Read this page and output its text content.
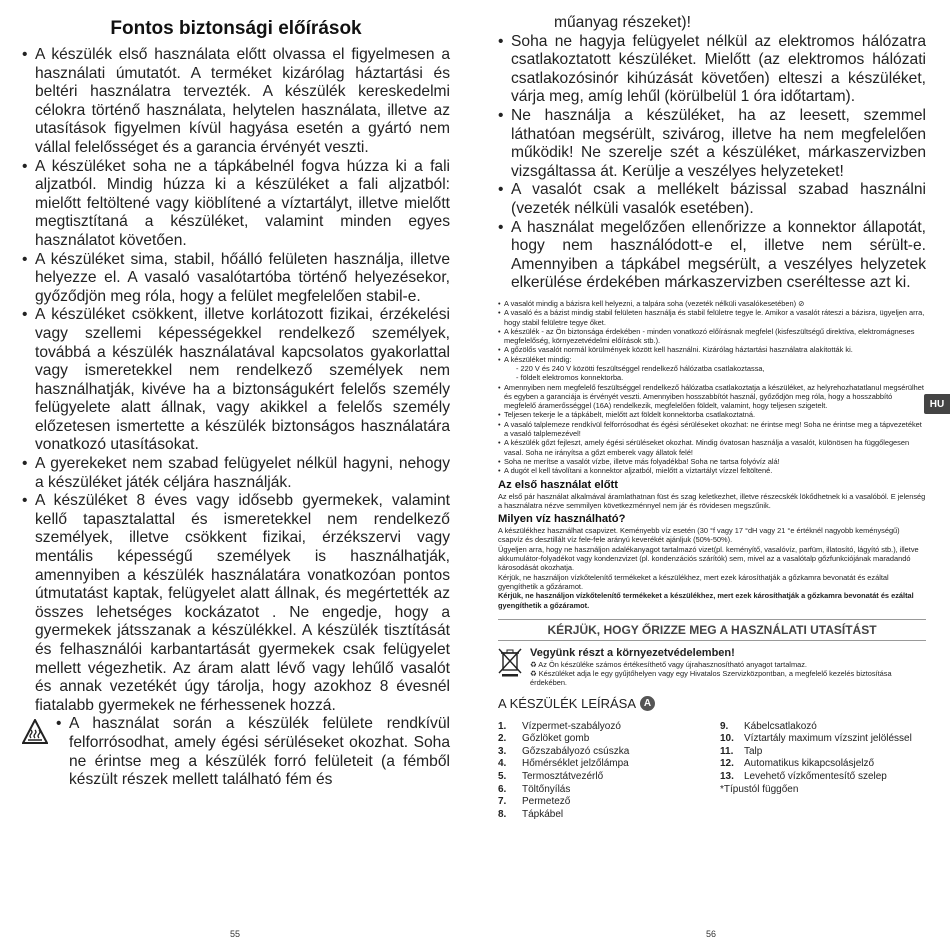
Fontos biztonsági előírások
• A készülék első használata előtt olvassa el figyelmesen a használati úmutatót. A terméket kizárólag háztartási és beltéri használatra tervezték. A készülék kereskedelmi célokra történő használata, helytelen használata, illetve az utasítások figyelmen kívül hagyása esetén a gyártó nem vállal felelősséget és a garancia érvényét veszti.
• A készüléket soha ne a tápkábelnél fogva húzza ki a fali aljzatból. Mindig húzza ki a készüléket a fali aljzatból: mielőtt feltöltené vagy kiöblítené a víztartályt, illetve mielőtt megtisztítaná a készüléket, valamint minden egyes használatot követően.
• A készüléket sima, stabil, hőálló felületen használja, illetve helyezze el. A vasaló vasalótartóba történő helyezésekor, győződjön meg róla, hogy a felület megfelelően stabil-e.
• A készüléket csökkent, illetve korlátozott fizikai, érzékelési vagy szellemi képességekkel rendelkező személyek, továbbá a készülék használatával kapcsolatos gyakorlattal vagy ismeretekkel nem rendelkező személyek nem használhatják, kivéve ha a biztonságukért felelős személy felügyelete alatt állnak, vagy akikkel a felelős személy előzetesen ismertette a készülék biztonságos használatára vonatkozó utasításokat.
• A gyerekeket nem szabad felügyelet nélkül hagyni, nehogy a készüléket játék céljára használják.
• A készüléket 8 éves vagy idősebb gyermekek, valamint kellő tapasztalattal és ismeretekkel nem rendelkező személyek, illetve csökkent fizikai, érzékszervi vagy mentális képességű személyek is használhatják, amennyiben a készülék használatára vonatkozóan pontos útmutatást kaptak, felügyelet alatt állnak, és megértették az összes lehetséges kockázatot . Ne engedje, hogy a gyermekek játsszanak a készülékkel. A készülék tisztítását és felhasználói karbantartását gyermekek csak felügyelet mellett végezhetik. Az áram alatt lévő vagy lehűlő vasalót és annak vezetékét úgy tárolja, hogy azokhoz 8 évesnél fiatalabb gyermekek ne férhessenek hozzá.
• A használat során a készülék felülete rendkívül felforrósodhat, amely égési sérüléseket okozhat. Soha ne érintse meg a készülék forró felületeit (a fémből készült részek mellett található fém és

műanyag részeket)!

• Soha ne hagyja felügyelet nélkül az elektromos hálózatra csatlakoztatott készüléket. Mielőtt (az elektromos hálózati csatlakozósinór kihúzását követően) elteszi a készüléket, várja meg, amíg lehűl (körülbelül 1 óra időtartam).
• Ne használja a készüléket, ha az leesett, szemmel láthatóan megsérült, szivárog, illetve ha nem megfelelően működik! Ne szerelje szét a készüléket, márkaszervizben vizsgáltassa át. Kerülje a veszélyes helyzeteket!
• A vasalót csak a mellékelt bázissal szabad használni (vezeték nélküli vasalók esetében).
• A használat megelőzően ellenőrizze a konnektor állapotát, hogy nem használódott-e el, illetve nem sérült-e. Amennyiben a tápkábel megsérült, a veszélyes helyzetek elkerülése érdekében márkaszervizben cseréltesse azt ki.
• A vasalót mindig a bázisra kell helyezni, a talpára soha (vezeték nélküli vasalókesetében) ⊘
• A vasaló és a bázist mindig stabil felületen használja és stabil felületre tegye le. Amikor a vasalót ráteszi a bázisra, ügyeljen arra, hogy stabil felületre tegye őket.
• A készülék - az Ön biztonsága érdekében - minden vonatkozó előírásnak megfelel (kisfeszültségű direktíva, elektromágneses megfelelőség, környezetvédelmi előírások stb.).
• A gőzölős vasalót normál körülmények között kell használni. Kizárólag háztartási használatra alakították ki.
• A készüléket mindig:
- 220 V és 240 V közötti feszültséggel rendelkező hálózatba csatlakoztassa,
- földelt elektromos konnektorba.
• Amennyiben nem megfelelő feszültséggel rendelkező hálózatba csatlakoztatja a készüléket, az helyrehozhatatlanul megsérülhet és egyben a garanciája is érvényét veszti. Amennyiben hosszabbítót használ, győződjön meg róla, hogy a hosszabbító megfelelő áramerősséggel (16A) rendelkezik, megfelelően földelt, valamint, hogy teljesen szigetelt.
• Teljesen tekerje le a tápkábelt, mielőtt azt földelt konnektorba csatlakoztatná.
• A vasaló talplemeze rendkívül felforrósodhat és égési sérüléseket okozhat: ne érintse meg! Soha ne érintse meg a tápvezetéket a vasaló talplemezével!
• A készülék gőzt fejleszt, amely égési sérüléseket okozhat. Mindig óvatosan használja a vasalót, különösen ha függőlegesen vasal. Soha ne irányítsa a gőzt emberek vagy állatok felé!
• Soha ne merítse a vasalót vízbe, illetve más folyadékba! Soha ne tartsa folyóvíz alá!
• A dugót el kell távolítani a konnektor aljzatból, mielőtt a víztartályt vízzel feltöltené.
Az első használat előtt

Az első pár használat alkalmával áramlathatnan füst és szag keletkezhet, illetve részecskék lökődhetnek ki a vasalóból. E jelenség a használatra nézve semmilyen következménnyel nem jár és rövidesen megszűnik.

Milyen víz használható?

A készülékhez használhat csapvizet. Keményebb víz esetén (30 °f vagy 17 °dH vagy 21 °e értéknél nagyobb keménységű) csapvíz és desztillált víz fele-fele arányú keverékét ajánljuk (50%-50%).

Ügyeljen arra, hogy ne használjon adalékanyagot tartalmazó vizet(pl. keményítő, vasalóvíz, parfüm, illatosító, lágyító stb.), illetve akkumulátor-folyadékot vagy kondenzvizet (pl. kondenzációs szárítók) sem, mivel az a vasalótalp gőzfunkciójának maradandó károsodását okozhatja.

Kérjük, ne használjon vízkőtelenítő termékeket a készülékhez, mert ezek károsíthatják a gőzkamra bevonatát és ezáltal gyengíthetik a gőzáramot.

Kérjük, ne használjon vízkőtelenítő termékeket a készülékhez, mert ezek károsíthatják a gőzkamra bevonatát és ezáltal gyengíthetik a gőzáramot.

KÉRJÜK, HOGY ŐRIZZE MEG A HASZNÁLATI UTASÍTÁST
Vegyünk részt a környezetvédelemben!
♻ Az Ön készüléke számos értékesíthető vagy újrahasznosítható anyagot tartalmaz.
♻ Készüléket adja le egy gyűjtőhelyen vagy egy Hivatalos Szervizközpontban, a megfelelő kezelés biztosítása érdekében.
A KÉSZÜLÉK LEÍRÁSA A
1. Vízpermet-szabályozó
2. Gőzlöket gomb
3. Gőzszabályozó csúszka
4. Hőmérséklet jelzőlámpa
5. Termosztátvezérlő
6. Töltőnyílás
7. Permetező
8. Tápkábel
9. Kábelcsatlakozó
10. Víztartály maximum vízszint jelöléssel
11. Talp
12. Automatikus kikapcsolásjelző
13. Levehető vízkőmentesítő szelep
*Típustól függően
HU
55	56
